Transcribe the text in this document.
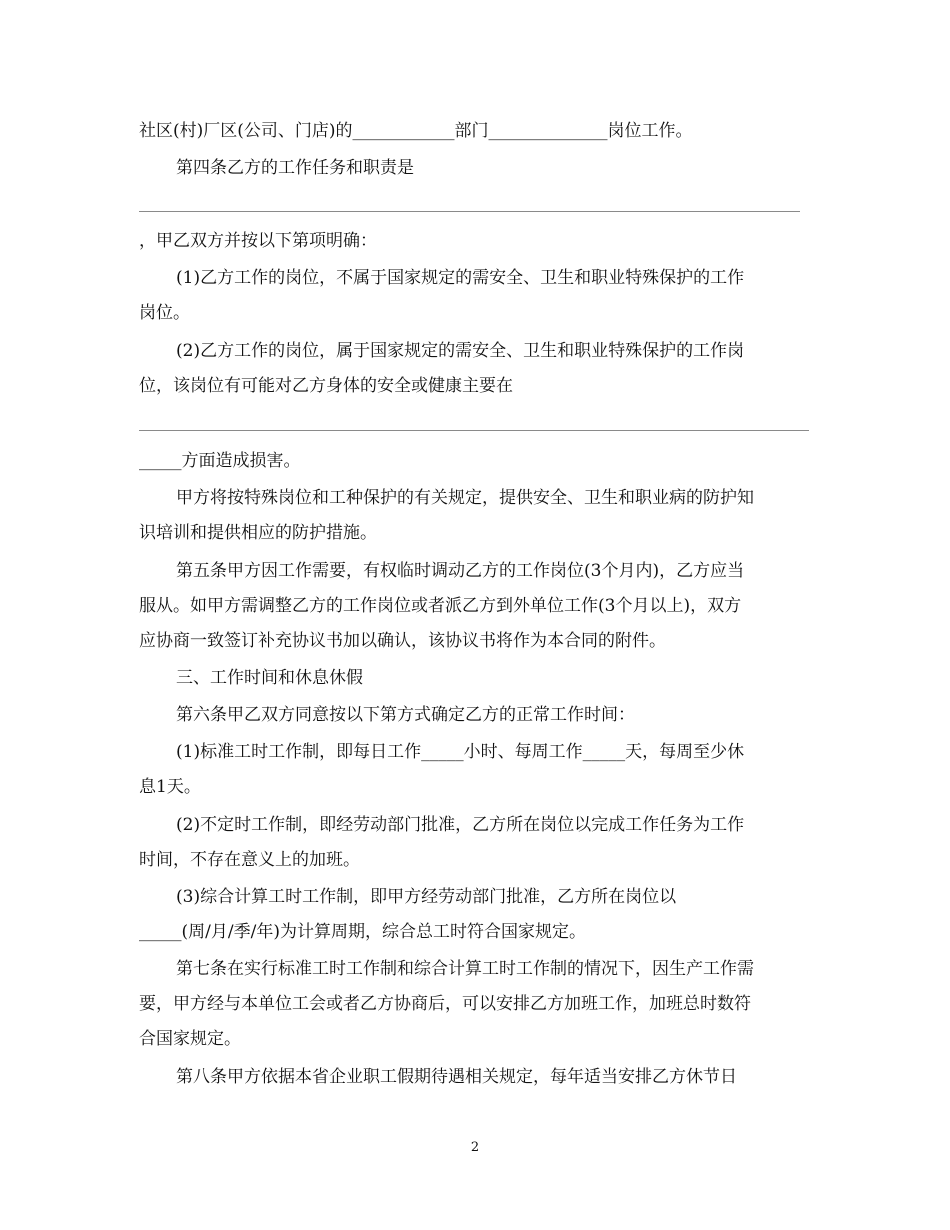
社区(村)厂区(公司、门店)的____________部门______________岗位工作。

第四条乙方的工作任务和职责是

，甲乙双方并按以下第项明确：

(1)乙方工作的岗位，不属于国家规定的需安全、卫生和职业特殊保护的工作

岗位。

(2)乙方工作的岗位，属于国家规定的需安全、卫生和职业特殊保护的工作岗

位，该岗位有可能对乙方身体的安全或健康主要在

_____方面造成损害。

甲方将按特殊岗位和工种保护的有关规定，提供安全、卫生和职业病的防护知

识培训和提供相应的防护措施。

第五条甲方因工作需要，有权临时调动乙方的工作岗位(3个月内)，乙方应当

服从。如甲方需调整乙方的工作岗位或者派乙方到外单位工作(3个月以上)，双方

应协商一致签订补充协议书加以确认，该协议书将作为本合同的附件。

三、工作时间和休息休假

第六条甲乙双方同意按以下第方式确定乙方的正常工作时间：

(1)标准工时工作制，即每日工作_____小时、每周工作_____天，每周至少休

息1天。

(2)不定时工作制，即经劳动部门批准，乙方所在岗位以完成工作任务为工作

时间，不存在意义上的加班。

(3)综合计算工时工作制，即甲方经劳动部门批准，乙方所在岗位以

_____(周/月/季/年)为计算周期，综合总工时符合国家规定。

第七条在实行标准工时工作制和综合计算工时工作制的情况下，因生产工作需

要，甲方经与本单位工会或者乙方协商后，可以安排乙方加班工作，加班总时数符

合国家规定。

第八条甲方依据本省企业职工假期待遇相关规定，每年适当安排乙方休节日

2
